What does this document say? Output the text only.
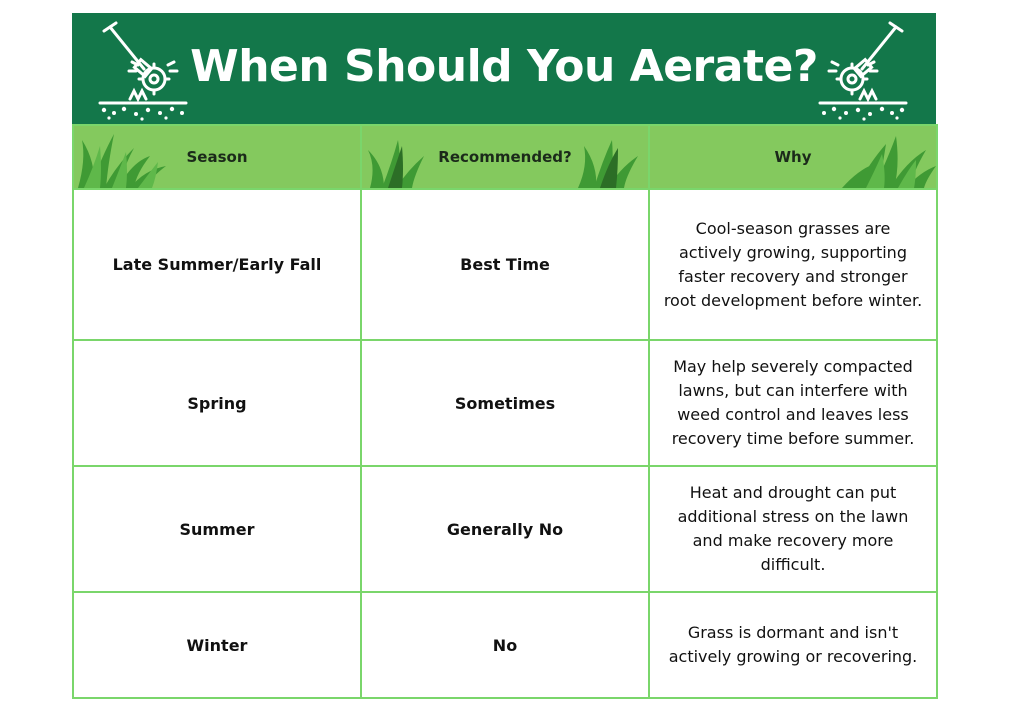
When Should You Aerate?
Season	Recommended?	Why

Late Summer/Early Fall	Best Time	Cool-season grasses are actively growing, supporting faster recovery and stronger root development before winter.
Spring	Sometimes	May help severely compacted lawns, but can interfere with weed control and leaves less recovery time before summer.
Summer	Generally No	Heat and drought can put additional stress on the lawn and make recovery more difficult.
Winter	No	Grass is dormant and isn't actively growing or recovering.
